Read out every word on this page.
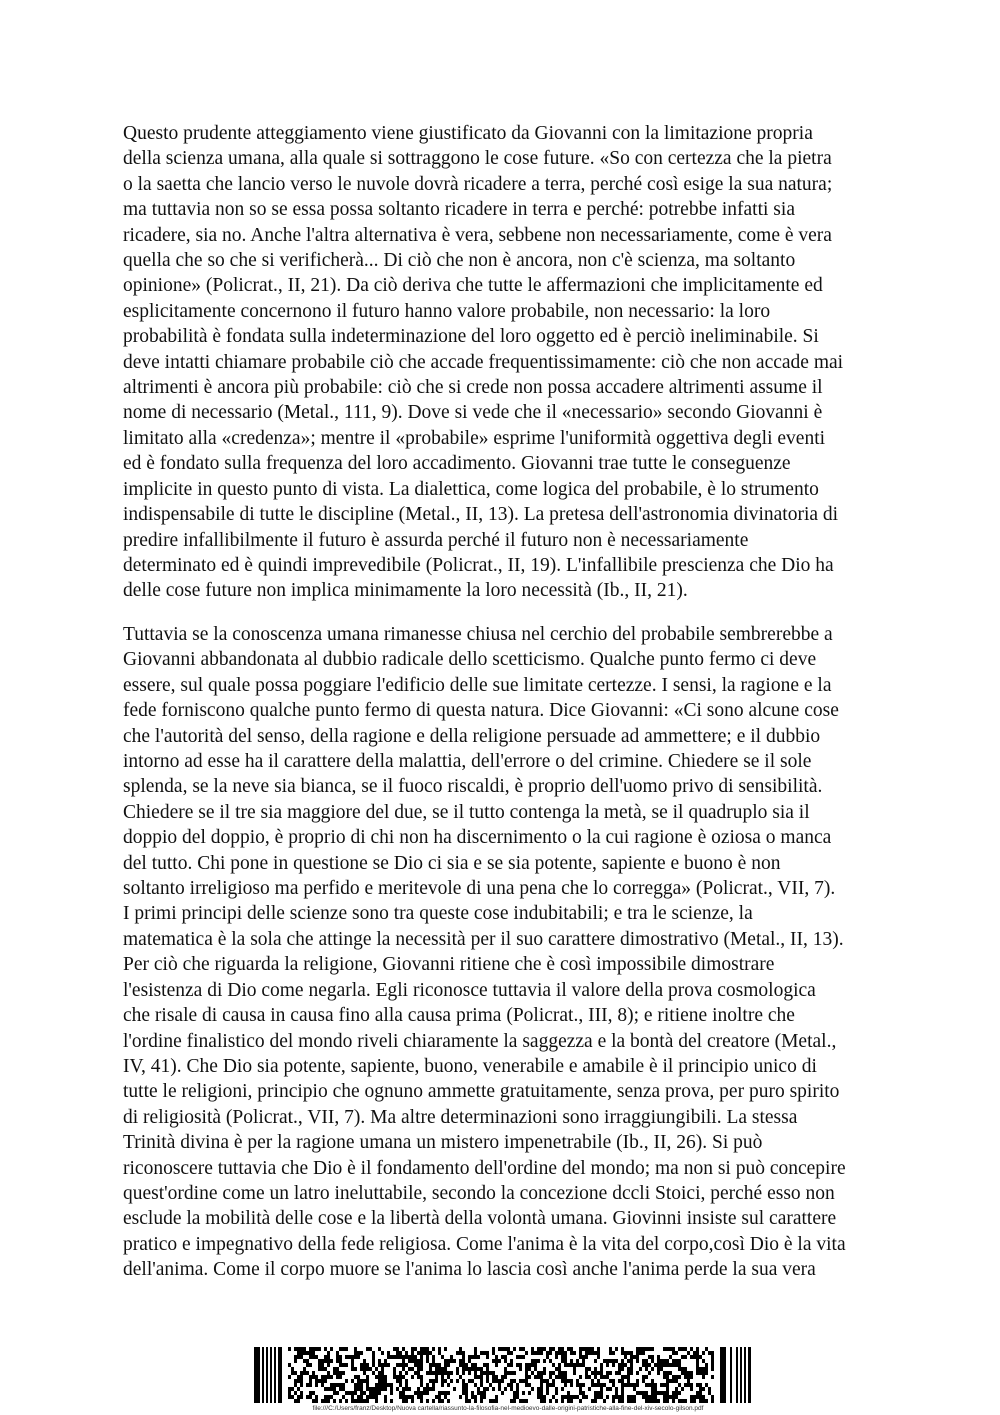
Questo prudente atteggiamento viene giustificato da Giovanni con la limitazione propria
della scienza umana, alla quale si sottraggono le cose future. «So con certezza che la pietra
o la saetta che lancio verso le nuvole dovrà ricadere a terra, perché così esige la sua natura;
ma tuttavia non so se essa possa soltanto ricadere in terra e perché: potrebbe infatti sia
ricadere, sia no. Anche l'altra alternativa è vera, sebbene non necessariamente, come è vera
quella che so che si verificherà... Di ciò che non è ancora, non c'è scienza, ma soltanto
opinione» (Policrat., II, 21). Da ciò deriva che tutte le affermazioni che implicitamente ed
esplicitamente concernono il futuro hanno valore probabile, non necessario: la loro
probabilità è fondata sulla indeterminazione del loro oggetto ed è perciò ineliminabile. Si
deve intatti chiamare probabile ciò che accade frequentissimamente: ciò che non accade mai
altrimenti è ancora più probabile: ciò che si crede non possa accadere altrimenti assume il
nome di necessario (Metal., 111, 9). Dove si vede che il «necessario» secondo Giovanni è
limitato alla «credenza»; mentre il «probabile» esprime l'uniformità oggettiva degli eventi
ed è fondato sulla frequenza del loro accadimento. Giovanni trae tutte le conseguenze
implicite in questo punto di vista. La dialettica, come logica del probabile, è lo strumento
indispensabile di tutte le discipline (Metal., II, 13). La pretesa dell'astronomia divinatoria di
predire infallibilmente il futuro è assurda perché il futuro non è necessariamente
determinato ed è quindi imprevedibile (Policrat., II, 19). L'infallibile prescienza che Dio ha
delle cose future non implica minimamente la loro necessità (Ib., II, 21).
Tuttavia se la conoscenza umana rimanesse chiusa nel cerchio del probabile sembrerebbe a
Giovanni abbandonata al dubbio radicale dello scetticismo. Qualche punto fermo ci deve
essere, sul quale possa poggiare l'edificio delle sue limitate certezze. I sensi, la ragione e la
fede forniscono qualche punto fermo di questa natura. Dice Giovanni: «Ci sono alcune cose
che l'autorità del senso, della ragione e della religione persuade ad ammettere; e il dubbio
intorno ad esse ha il carattere della malattia, dell'errore o del crimine. Chiedere se il sole
splenda, se la neve sia bianca, se il fuoco riscaldi, è proprio dell'uomo privo di sensibilità.
Chiedere se il tre sia maggiore del due, se il tutto contenga la metà, se il quadruplo sia il
doppio del doppio, è proprio di chi non ha discernimento o la cui ragione è oziosa o manca
del tutto. Chi pone in questione se Dio ci sia e se sia potente, sapiente e buono è non
soltanto irreligioso ma perfido e meritevole di una pena che lo corregga» (Policrat., VII, 7).
I primi principi delle scienze sono tra queste cose indubitabili; e tra le scienze, la
matematica è la sola che attinge la necessità per il suo carattere dimostrativo (Metal., II, 13).
Per ciò che riguarda la religione, Giovanni ritiene che è così impossibile dimostrare
l'esistenza di Dio come negarla. Egli riconosce tuttavia il valore della prova cosmologica
che risale di causa in causa fino alla causa prima (Policrat., III, 8); e ritiene inoltre che
l'ordine finalistico del mondo riveli chiaramente la saggezza e la bontà del creatore (Metal.,
IV, 41). Che Dio sia potente, sapiente, buono, venerabile e amabile è il principio unico di
tutte le religioni, principio che ognuno ammette gratuitamente, senza prova, per puro spirito
di religiosità (Policrat., VII, 7). Ma altre determinazioni sono irraggiungibili. La stessa
Trinità divina è per la ragione umana un mistero impenetrabile (Ib., II, 26). Si può
riconoscere tuttavia che Dio è il fondamento dell'ordine del mondo; ma non si può concepire
quest'ordine come un latro ineluttabile, secondo la concezione dccli Stoici, perché esso non
esclude la mobilità delle cose e la libertà della volontà umana. Giovinni insiste sul carattere
pratico e impegnativo della fede religiosa. Come l'anima è la vita del corpo,così Dio è la vita
dell'anima. Come il corpo muore se l'anima lo lascia così anche l'anima perde la sua vera
file:///C:/Users/franz/Desktop/Nuova cartella/riassunto-la-filosofia-nel-medioevo-dalle-origini-patristiche-alla-fine-del-xiv-secolo-gilson.pdf
